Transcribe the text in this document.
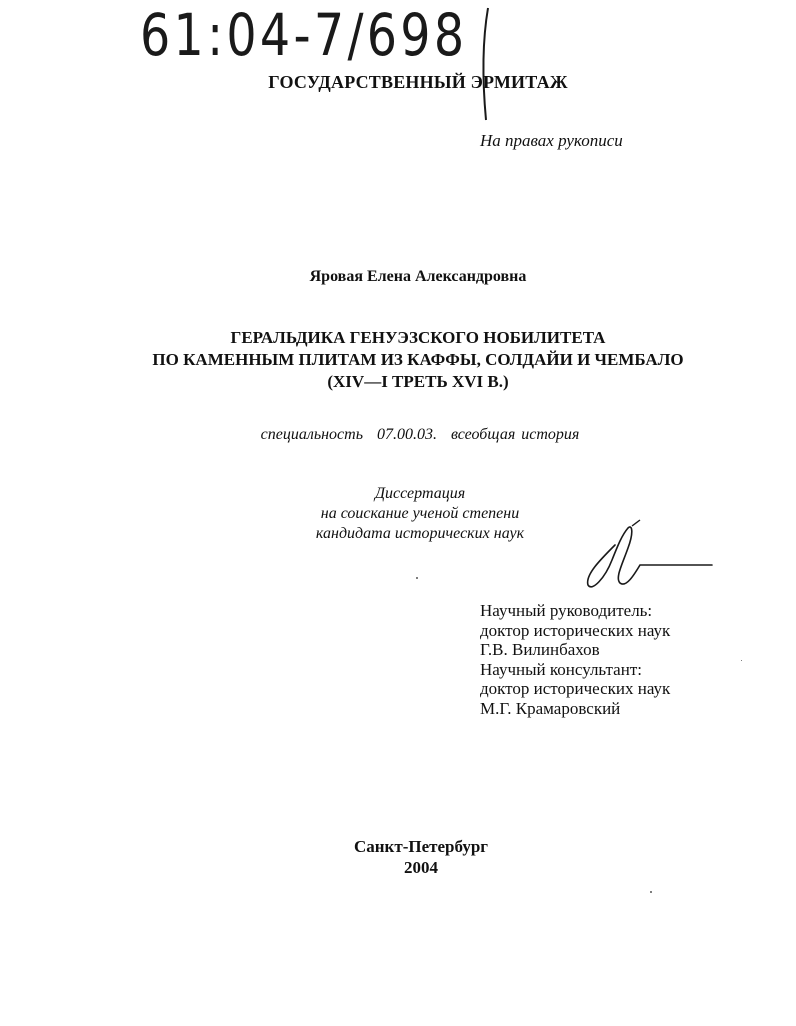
61:04-7/698
ГОСУДАРСТВЕННЫЙ ЭРМИТАЖ
На правах рукописи
Яровая Елена Александровна
ГЕРАЛЬДИКА ГЕНУЭЗСКОГО НОБИЛИТЕТА
ПО КАМЕННЫМ ПЛИТАМ ИЗ КАФФЫ, СОЛДАЙИ И ЧЕМБАЛО
(XIV—I ТРЕТЬ XVI В.)
специальность 07.00.03. всеобщая история
Диссертация
на соискание ученой степени
кандидата исторических наук
Научный руководитель:
доктор исторических наук
Г.В. Вилинбахов
Научный консультант:
доктор исторических наук
М.Г. Крамаровский
Санкт-Петербург
2004
